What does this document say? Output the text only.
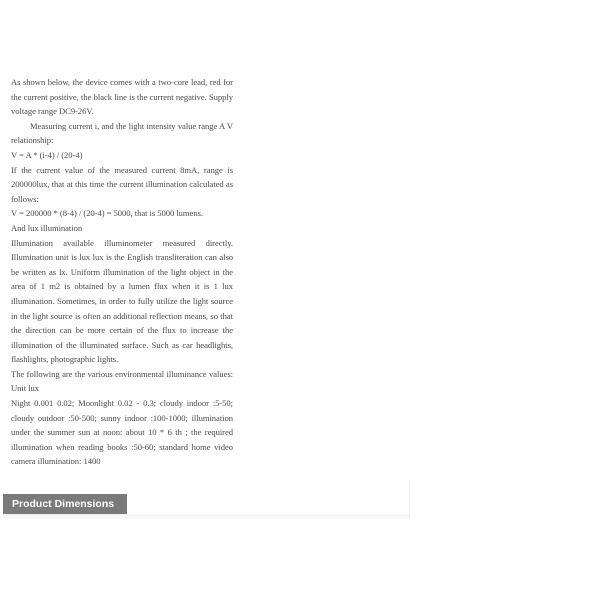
As shown below, the device comes with a two-core lead, red for the current positive, the black line is the current negative. Supply voltage range DC9-26V.

Measuring current i, and the light intensity value range A V relationship:

V = A * (i-4) / (20-4)

If the current value of the measured current 8mA, range is 200000lux, that at this time the current illumination calculated as follows:

V = 200000 * (8-4) / (20-4) = 5000, that is 5000 lumens.

And lux illumination

Illumination available illuminometer measured directly. Illumination unit is lux lux is the English transliteration can also be written as lx. Uniform illumination of the light object in the area of 1 m2 is obtained by a lumen flux when it is 1 lux illumination. Sometimes, in order to fully utilize the light source in the light source is often an additional reflection means, so that the direction can be more certain of the flux to increase the illumination of the illuminated surface. Such as car headlights, flashlights, photographic lights.

The following are the various environmental illuminance values: Unit lux

Night 0.001 0.02; Moonlight 0.02 - 0.3; cloudy indoor :5-50; cloudy outdoor :50-500; sunny indoor :100-1000; illumination under the summer sun at noon: about 10 * 6 th ; the required illumination when reading books :50-60; standard home video camera illumination: 1400

Product Dimensions
